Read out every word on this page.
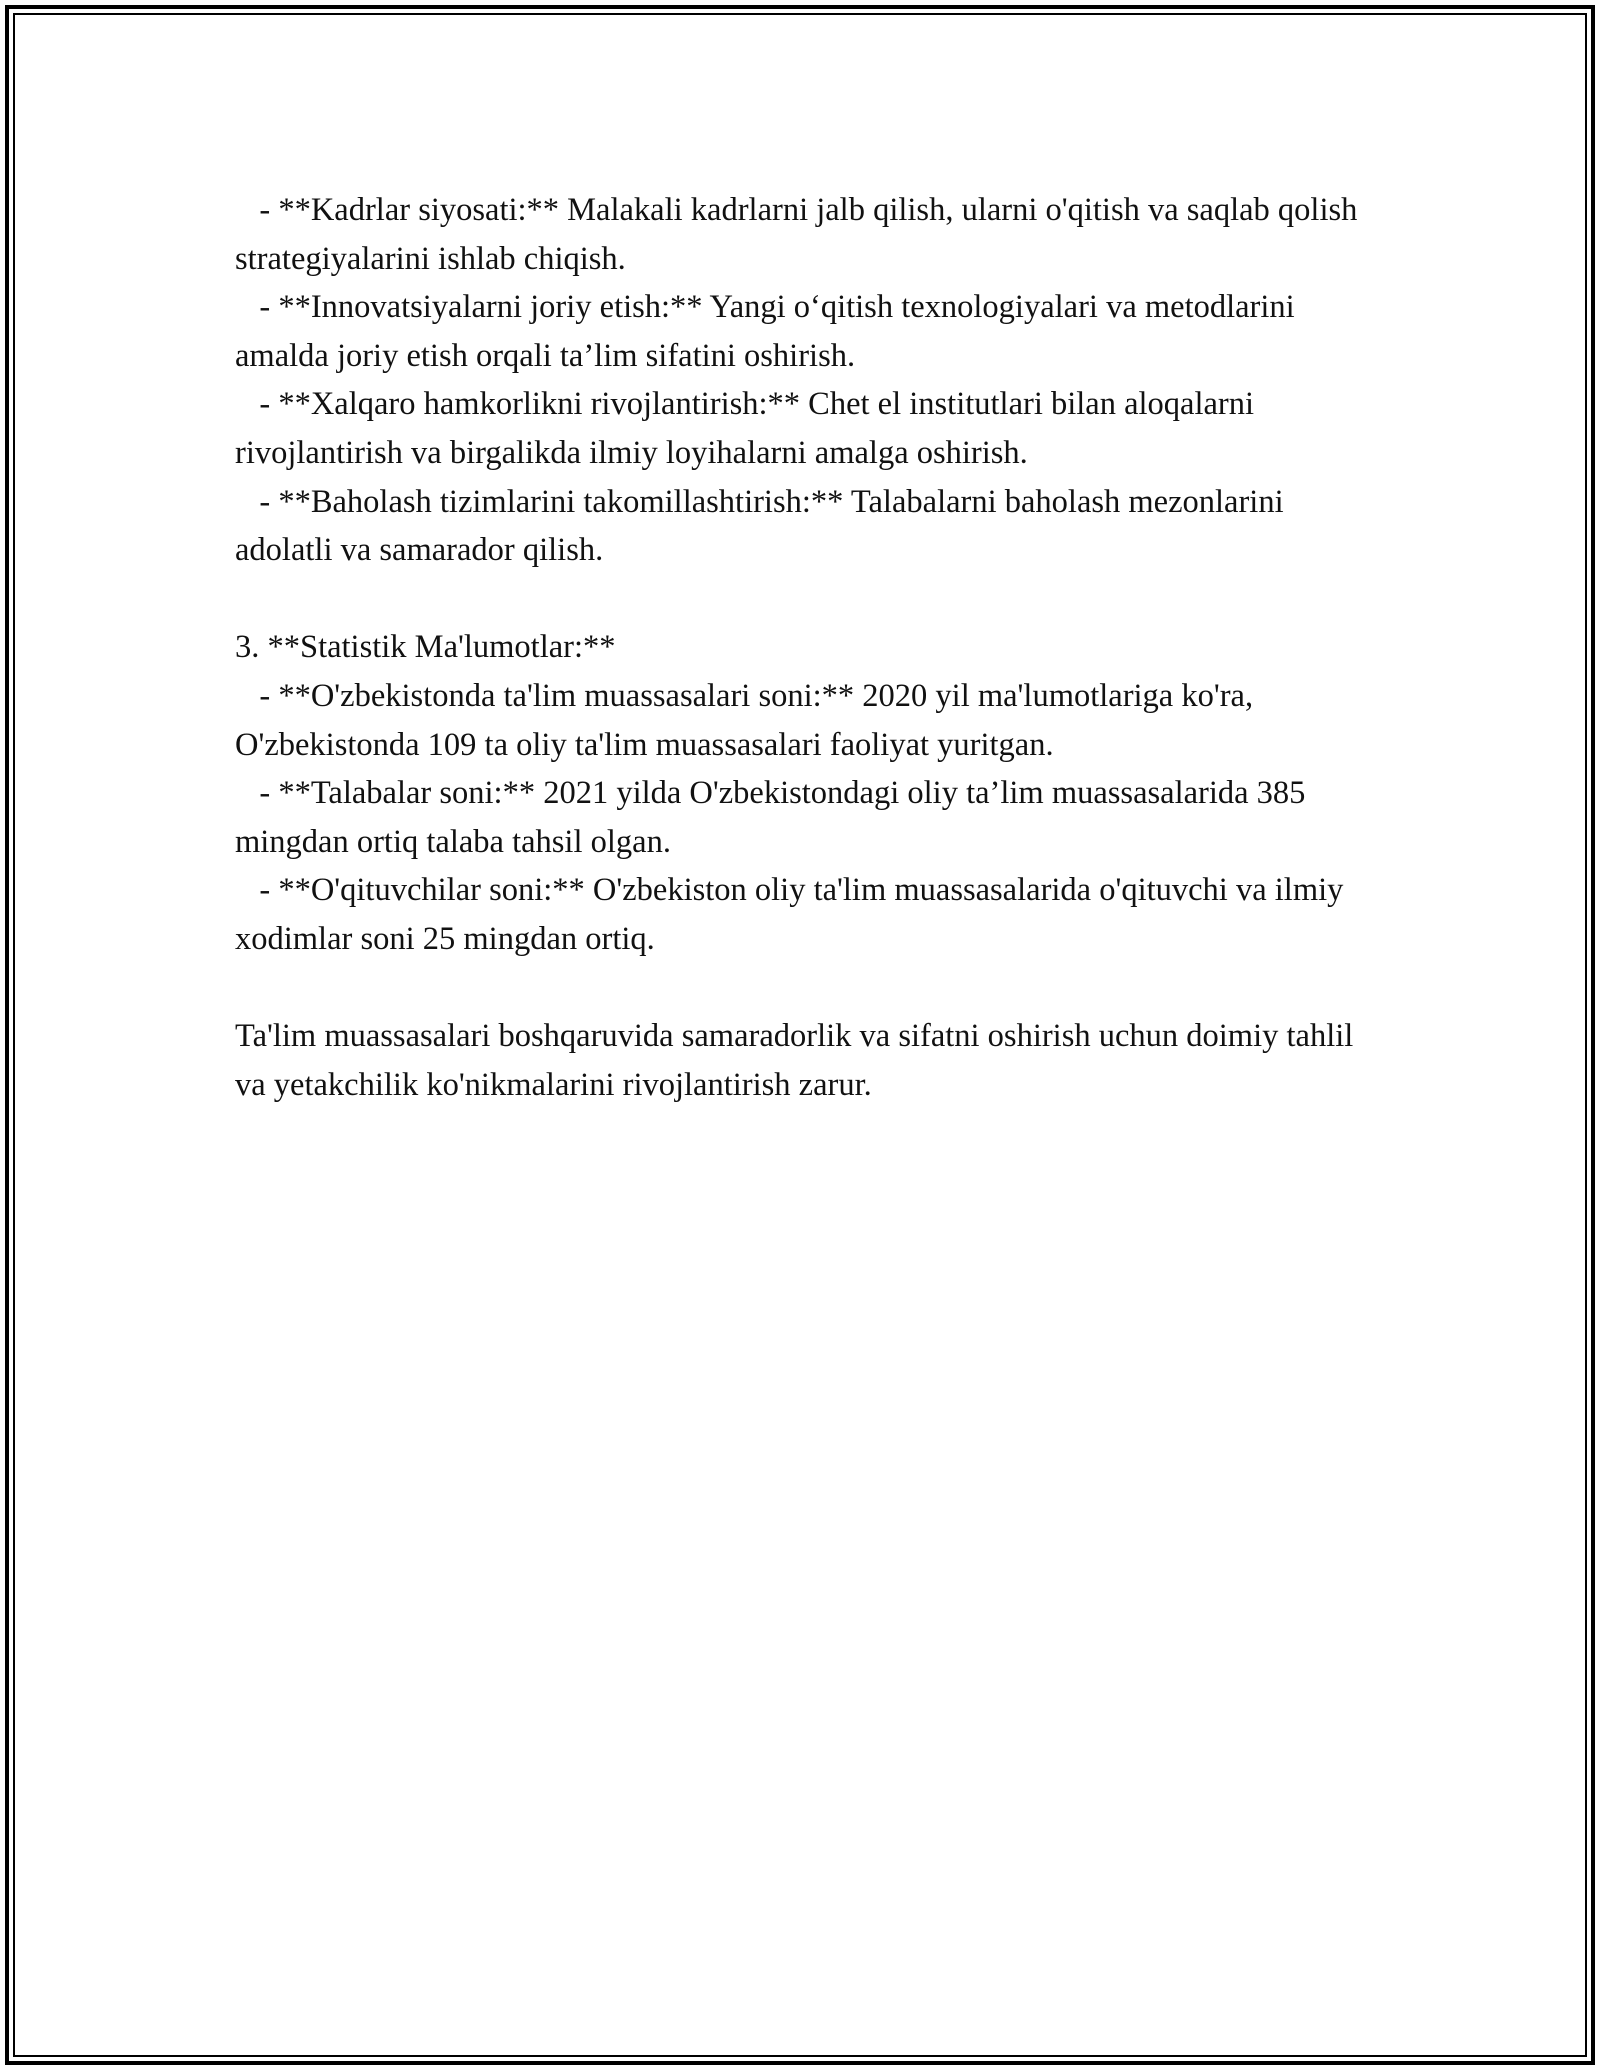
- **Kadrlar siyosati:** Malakali kadrlarni jalb qilish, ularni o'qitish va saqlab qolish strategiyalarini ishlab chiqish.

- **Innovatsiyalarni joriy etish:** Yangi o‘qitish texnologiyalari va metodlarini amalda joriy etish orqali ta’lim sifatini oshirish.

- **Xalqaro hamkorlikni rivojlantirish:** Chet el institutlari bilan aloqalarni rivojlantirish va birgalikda ilmiy loyihalarni amalga oshirish.

- **Baholash tizimlarini takomillashtirish:** Talabalarni baholash mezonlarini adolatli va samarador qilish.

3. **Statistik Ma'lumotlar:**

- **O'zbekistonda ta'lim muassasalari soni:** 2020 yil ma'lumotlariga ko'ra, O'zbekistonda 109 ta oliy ta'lim muassasalari faoliyat yuritgan.

- **Talabalar soni:** 2021 yilda O'zbekistondagi oliy ta’lim muassasalarida 385 mingdan ortiq talaba tahsil olgan.

- **O'qituvchilar soni:** O'zbekiston oliy ta'lim muassasalarida o'qituvchi va ilmiy xodimlar soni 25 mingdan ortiq.

Ta'lim muassasalari boshqaruvida samaradorlik va sifatni oshirish uchun doimiy tahlil va yetakchilik ko'nikmalarini rivojlantirish zarur.
